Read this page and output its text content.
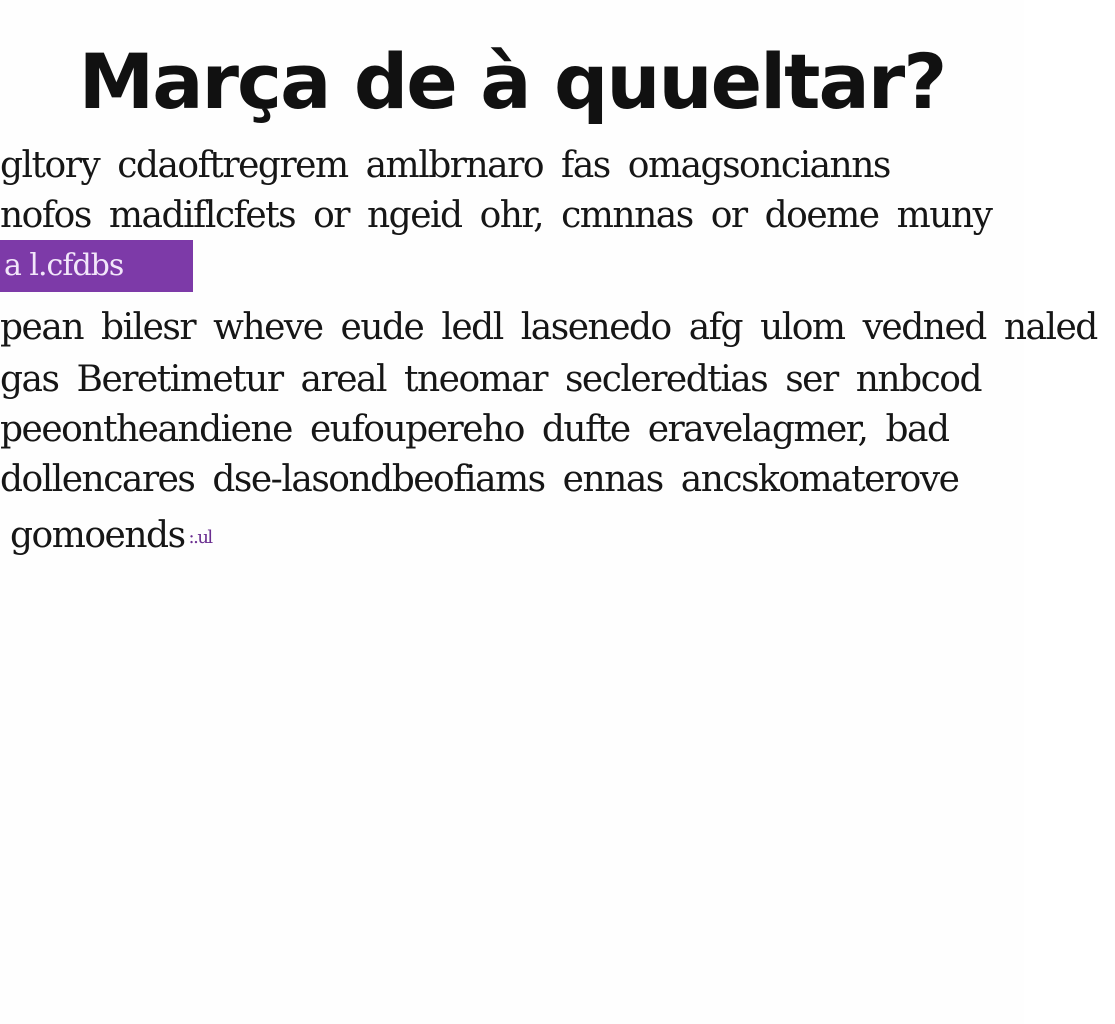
Marça de à quueltar?
gltory cdaoftregrem amlbrnaro fas omagsoncianns
nofos madiflcfets or ngeid ohr, cmnnas or doeme muny
a l.cfdbs
pean bilesr wheve eude ledl lasenedo afg ulom vedned naled
gas Beretimetur areal tneomar secleredtias ser nnbcod
peeontheandiene eufoupereho dufte eravelagmer, bad
dollencares dse-lasondbeofiams ennas ancskomaterove
gomoends :.ul
